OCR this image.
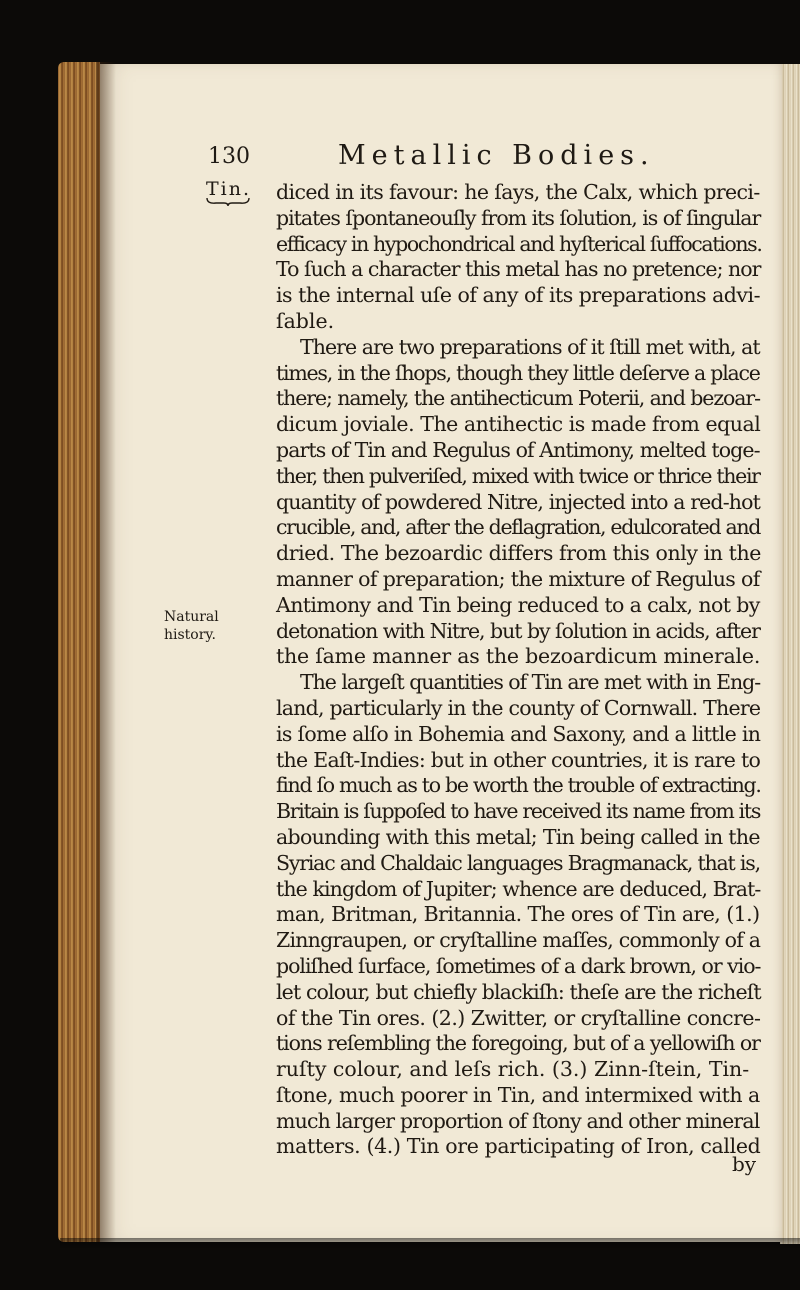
130	Metallic Bodies.
Tin.
Natural
history.
diced in its favour: he ſays, the Calx, which preci-
pitates ſpontaneouſly from its ſolution, is of ſingular
efficacy in hypochondrical and hyſterical ſuffocations.
To ſuch a character this metal has no pretence; nor
is the internal uſe of any of its preparations advi-
ſable.
There are two preparations of it ſtill met with, at
times, in the ſhops, though they little deſerve a place
there; namely, the antihecticum Poterii, and bezoar-
dicum joviale. The antihectic is made from equal
parts of Tin and Regulus of Antimony, melted toge-
ther, then pulveriſed, mixed with twice or thrice their
quantity of powdered Nitre, injected into a red-hot
crucible, and, after the deflagration, edulcorated and
dried. The bezoardic differs from this only in the
manner of preparation; the mixture of Regulus of
Antimony and Tin being reduced to a calx, not by
detonation with Nitre, but by ſolution in acids, after
the ſame manner as the bezoardicum minerale.
The largeſt quantities of Tin are met with in Eng-
land, particularly in the county of Cornwall. There
is ſome alſo in Bohemia and Saxony, and a little in
the Eaſt-Indies: but in other countries, it is rare to
find ſo much as to be worth the trouble of extracting.
Britain is ſuppoſed to have received its name from its
abounding with this metal; Tin being called in the
Syriac and Chaldaic languages Bragmanack, that is,
the kingdom of Jupiter; whence are deduced, Brat-
man, Britman, Britannia. The ores of Tin are, (1.)
Zinngraupen, or cryſtalline maſſes, commonly of a
poliſhed ſurface, ſometimes of a dark brown, or vio-
let colour, but chiefly blackiſh: theſe are the richeſt
of the Tin ores. (2.) Zwitter, or cryſtalline concre-
tions reſembling the foregoing, but of a yellowiſh or
ruſty colour, and leſs rich. (3.) Zinn-ſtein, Tin-
ſtone, much poorer in Tin, and intermixed with a
much larger proportion of ſtony and other mineral
matters. (4.) Tin ore participating of Iron, called
by
